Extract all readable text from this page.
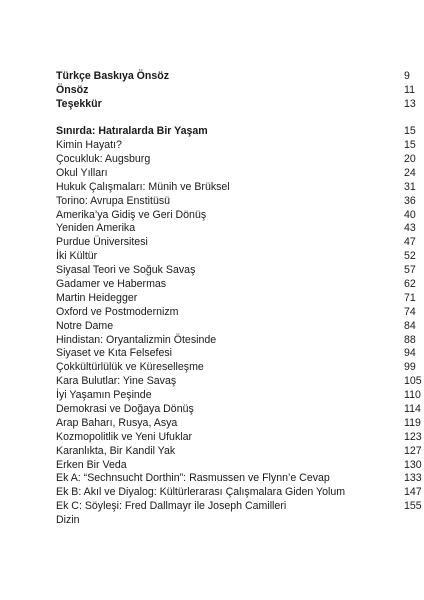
Türkçe Baskıya Önsöz	9
Önsöz	11
Teşekkür	13
Sınırda: Hatıralarda Bir Yaşam	15
Kimin Hayatı?	15
Çocukluk: Augsburg	20
Okul Yılları	24
Hukuk Çalışmaları: Münih ve Brüksel	31
Torino: Avrupa Enstitüsü	36
Amerika’ya Gidiş ve Geri Dönüş	40
Yeniden Amerika	43
Purdue Üniversitesi	47
İki Kültür	52
Siyasal Teori ve Soğuk Savaş	57
Gadamer ve Habermas	62
Martin Heidegger	71
Oxford ve Postmodernizm	74
Notre Dame	84
Hindistan: Oryantalizmin Ötesinde	88
Siyaset ve Kıta Felsefesi	94
Çokkültürlülük ve Küreselleşme	99
Kara Bulutlar: Yine Savaş	105
İyi Yaşamın Peşinde	110
Demokrasi ve Doğaya Dönüş	114
Arap Baharı, Rusya, Asya	119
Kozmopolitlik ve Yeni Ufuklar	123
Karanlıkta, Bir Kandil Yak	127
Erken Bir Veda	130
Ek A: “Sechnsucht Dorthin”: Rasmussen ve Flynn’e Cevap	133
Ek B: Akıl ve Diyalog: Kültürlerarası Çalışmalara Giden Yolum	147
Ek C: Söyleşi: Fred Dallmayr ile Joseph Camilleri	155
Dizin
